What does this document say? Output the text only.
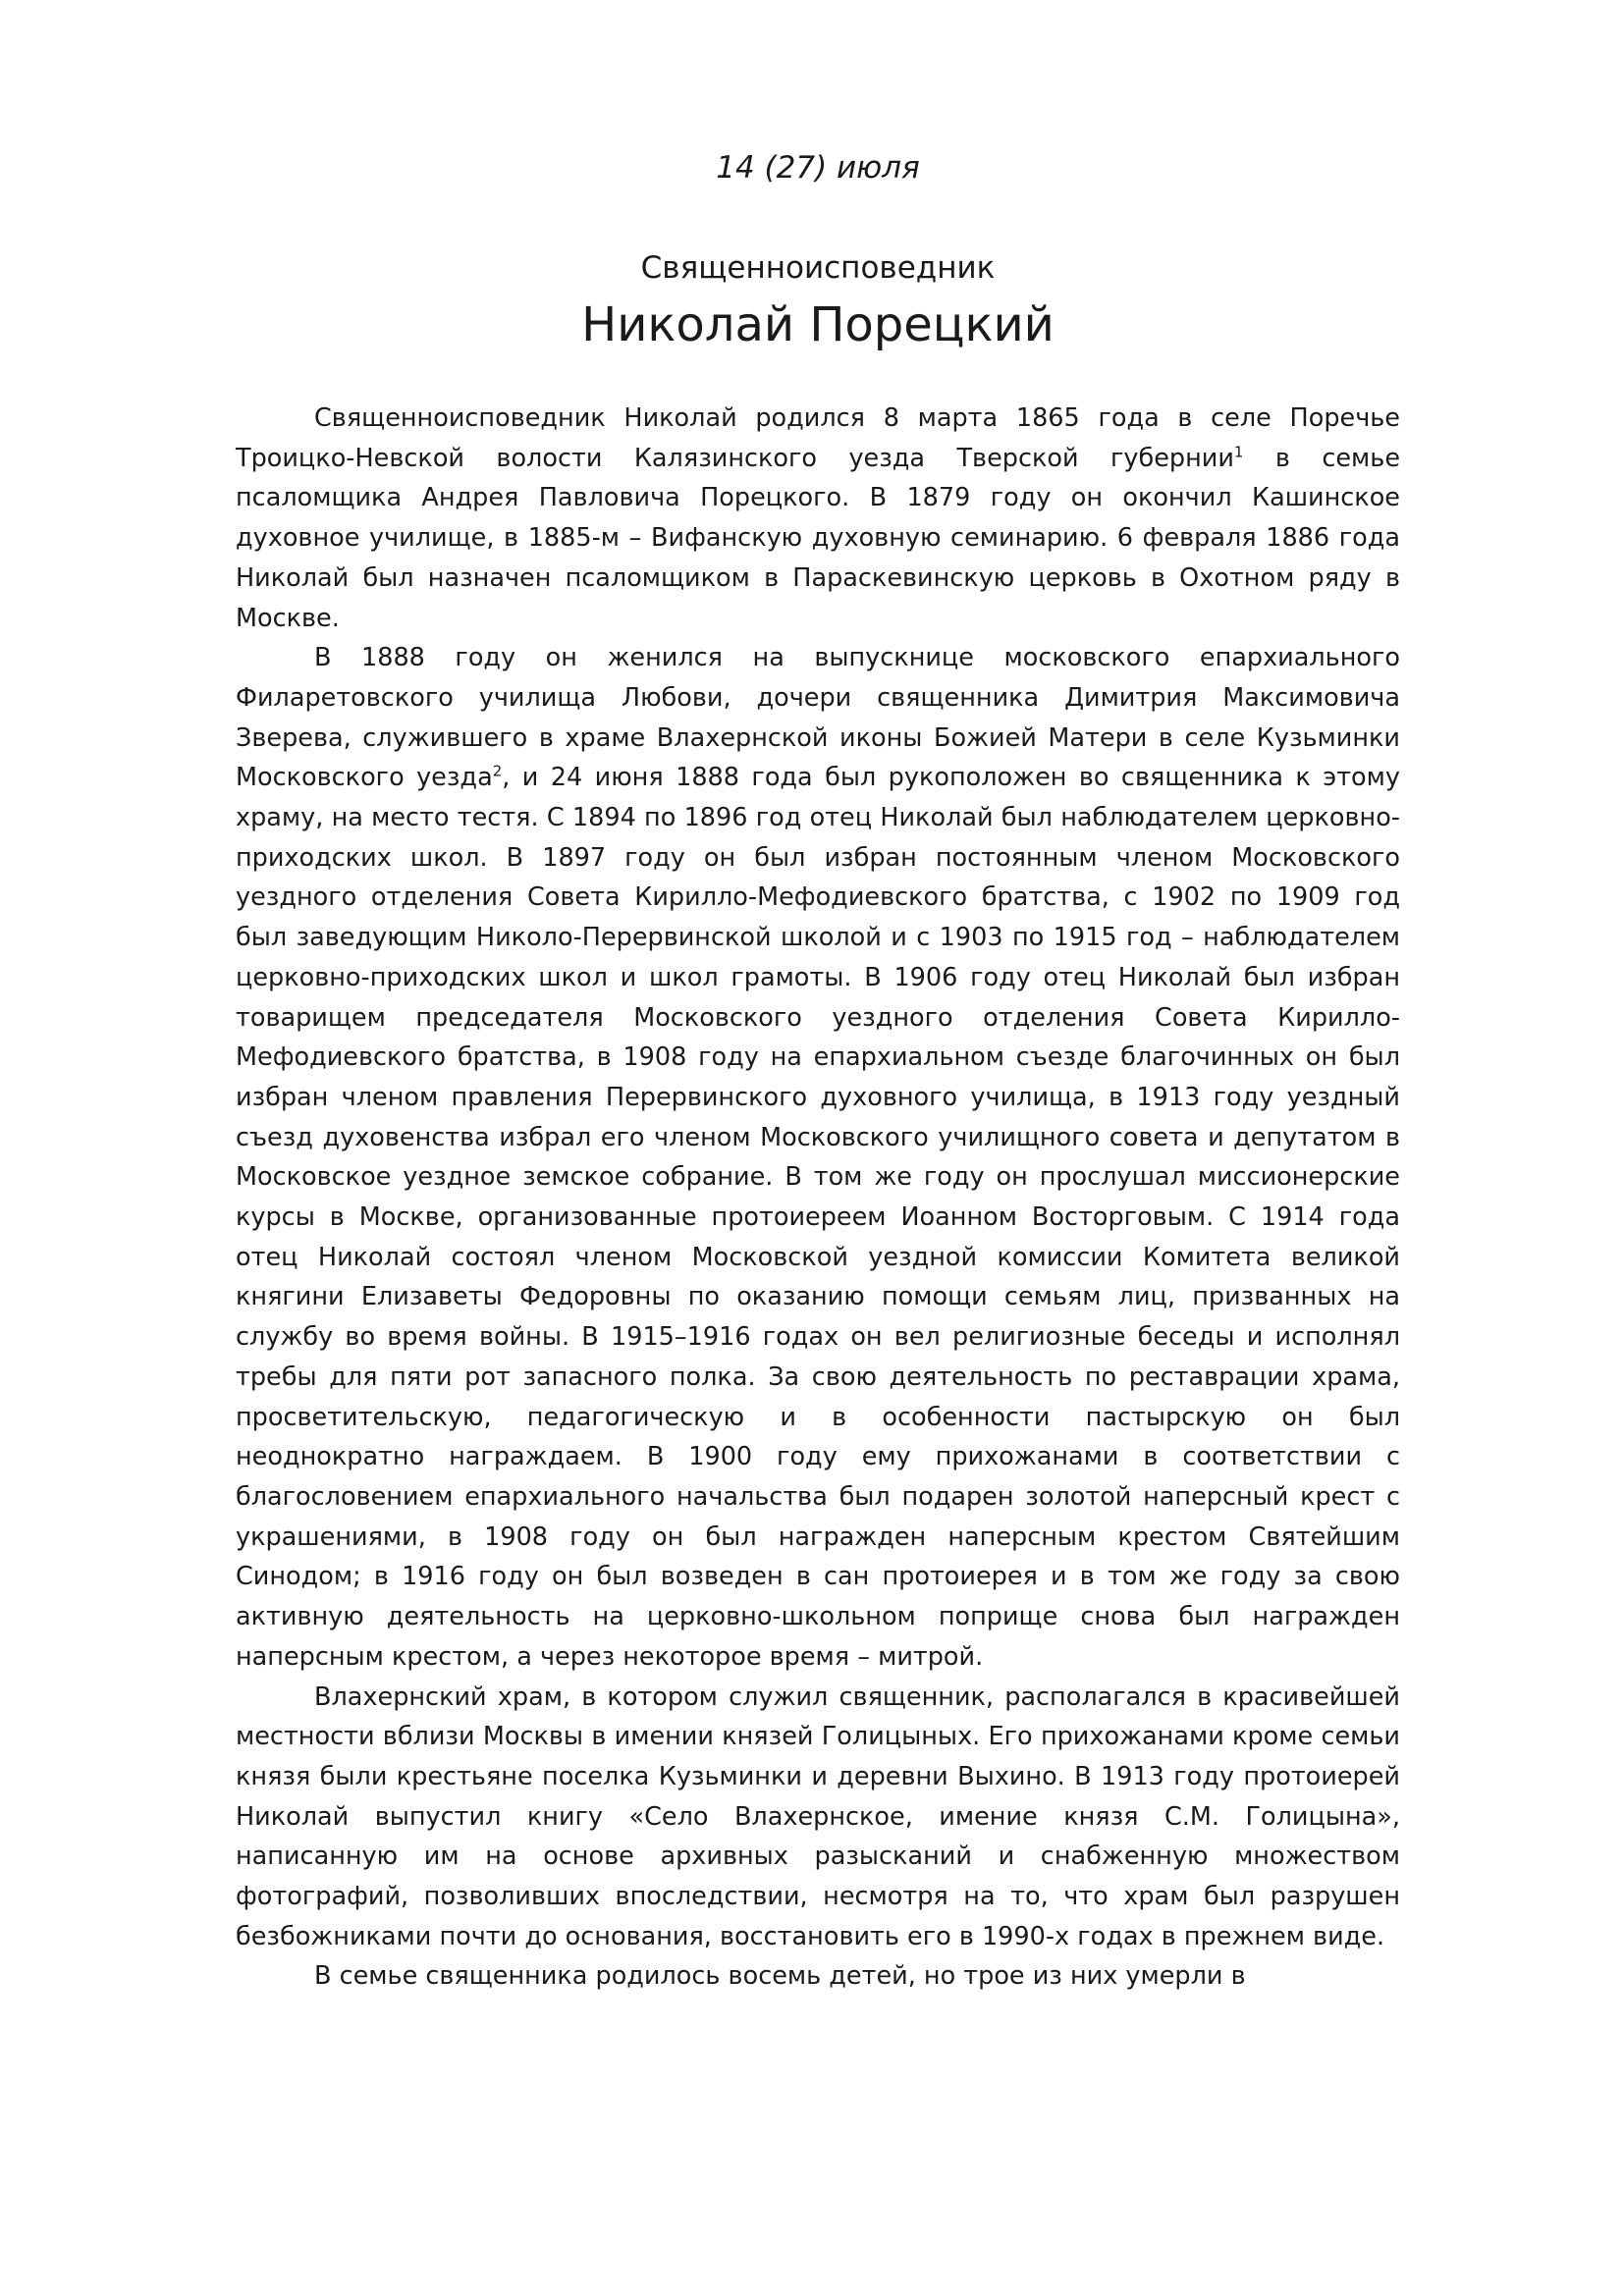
14 (27) июля
Священноисповедник
Николай Порецкий

Священноисповедник Николай родился 8 марта 1865 года в селе Поречье Троицко-Невской волости Калязинского уезда Тверской губернии$^1$ в семье псаломщика Андрея Павловича Порецкого. В 1879 году он окончил Кашинское духовное училище, в 1885-м – Вифанскую духовную семинарию. 6 февраля 1886 года Николай был назначен псаломщиком в Параскевинскую церковь в Охотном ряду в Москве.

В 1888 году он женился на выпускнице московского епархиального Филаретовского училища Любови, дочери священника Димитрия Максимовича Зверева, служившего в храме Влахернской иконы Божией Матери в селе Кузьминки Московского уезда$^2$, и 24 июня 1888 года был рукоположен во священника к этому храму, на место тестя. С 1894 по 1896 год отец Николай был наблюдателем церковно-приходских школ. В 1897 году он был избран постоянным членом Московского уездного отделения Совета Кирилло-Мефодиевского братства, с 1902 по 1909 год был заведующим Николо-Перервинской школой и с 1903 по 1915 год – наблюдателем церковно-приходских школ и школ грамоты. В 1906 году отец Николай был избран товарищем председателя Московского уездного отделения Совета Кирилло-Мефодиевского братства, в 1908 году на епархиальном съезде благочинных он был избран членом правления Перервинского духовного училища, в 1913 году уездный съезд духовенства избрал его членом Московского училищного совета и депутатом в Московское уездное земское собрание. В том же году он прослушал миссионерские курсы в Москве, организованные протоиереем Иоанном Восторговым. С 1914 года отец Николай состоял членом Московской уездной комиссии Комитета великой княгини Елизаветы Федоровны по оказанию помощи семьям лиц, призванных на службу во время войны. В 1915–1916 годах он вел религиозные беседы и исполнял требы для пяти рот запасного полка. За свою деятельность по реставрации храма, просветительскую, педагогическую и в особенности пастырскую он был неоднократно награждаем. В 1900 году ему прихожанами в соответствии с благословением епархиального начальства был подарен золотой наперсный крест с украшениями, в 1908 году он был награжден наперсным крестом Святейшим Синодом; в 1916 году он был возведен в сан протоиерея и в том же году за свою активную деятельность на церковно-школьном поприще снова был награжден наперсным крестом, а через некоторое время – митрой.

Влахернский храм, в котором служил священник, располагался в красивейшей местности вблизи Москвы в имении князей Голицыных. Его прихожанами кроме семьи князя были крестьяне поселка Кузьминки и деревни Выхино. В 1913 году протоиерей Николай выпустил книгу «Село Влахернское, имение князя С.М. Голицына», написанную им на основе архивных разысканий и снабженную множеством фотографий, позволивших впоследствии, несмотря на то, что храм был разрушен безбожниками почти до основания, восстановить его в 1990-х годах в прежнем виде.

В семье священника родилось восемь детей, но трое из них умерли в
